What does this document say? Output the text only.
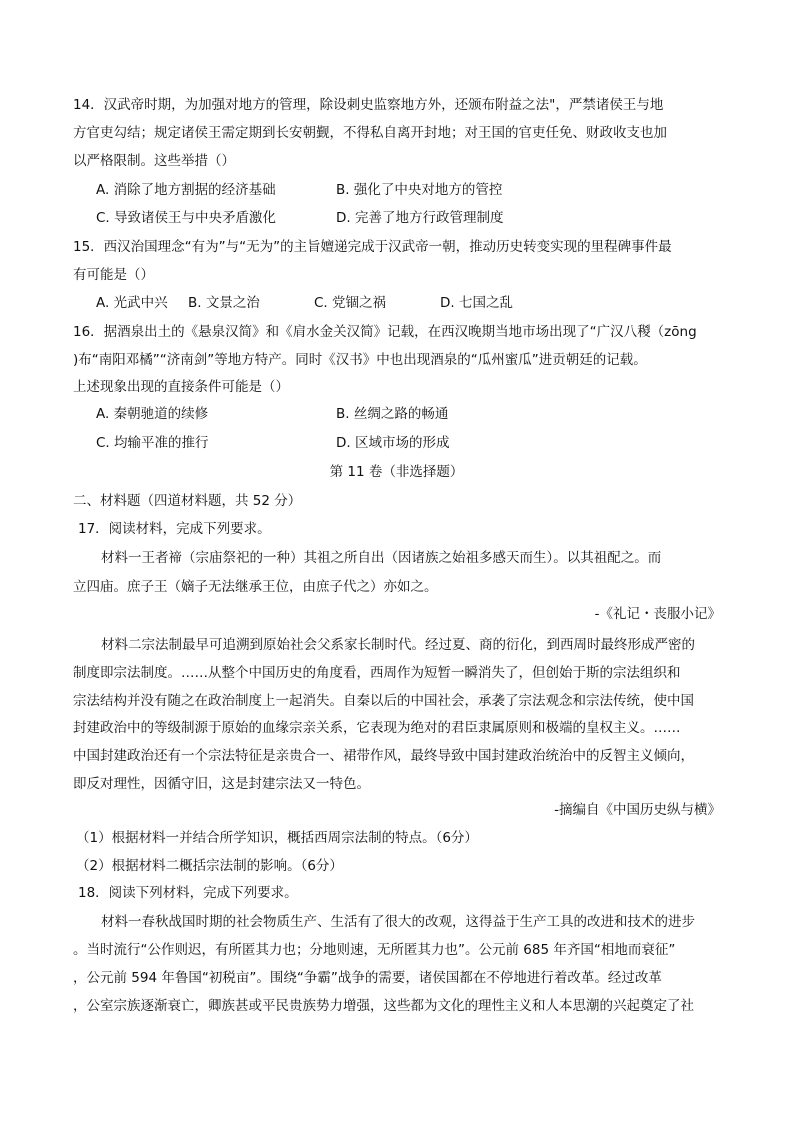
14．汉武帝时期，为加强对地方的管理，除设刺史监察地方外，还颁布附益之法"，严禁诸侯王与地
方官吏勾结；规定诸侯王需定期到长安朝觐，不得私自离开封地；对王国的官吏任免、财政收支也加
以严格限制。这些举措（）
A. 消除了地方割据的经济基础	B. 强化了中央对地方的管控
C. 导致诸侯王与中央矛盾激化	D. 完善了地方行政管理制度
15．西汉治国理念“有为”与“无为”的主旨嬗递完成于汉武帝一朝，推动历史转变实现的里程碑事件最
有可能是（）
A. 光武中兴 B. 文景之治	C. 党锢之祸	D. 七国之乱
16．据酒泉出土的《悬泉汉简》和《肩水金关汉简》记载，在西汉晚期当地市场出现了“广汉八稯（zōng
)布“南阳邓橘”“济南剑”等地方特产。同时《汉书》中也出现酒泉的“瓜州蜜瓜”进贡朝廷的记载。
上述现象出现的直接条件可能是（）
A. 秦朝驰道的续修	B. 丝绸之路的畅通
C. 均输平准的推行	D. 区域市场的形成
第 11 卷（非选择题）
二、材料题（四道材料题，共 52 分）
17．阅读材料，完成下列要求。
材料一王者禘（宗庙祭祀的一种）其祖之所自出（因诸族之始祖多感天而生）。以其祖配之。而
立四庙。庶子王（嫡子无法继承王位，由庶子代之）亦如之。
-《礼记・丧服小记》
材料二宗法制最早可追溯到原始社会父系家长制时代。经过夏、商的衍化，到西周时最终形成严密的
制度即宗法制度。……从整个中国历史的角度看，西周作为短暂一瞬消失了，但创始于斯的宗法组织和
宗法结构并没有随之在政治制度上一起消失。自秦以后的中国社会，承袭了宗法观念和宗法传统，使中国
封建政治中的等级制源于原始的血缘宗亲关系，它表现为绝对的君臣隶属原则和极端的皇权主义。……
中国封建政治还有一个宗法特征是亲贵合一、裙带作风，最终导致中国封建政治统治中的反智主义倾向，
即反对理性，因循守旧，这是封建宗法又一特色。
-摘编自《中国历史纵与横》
（1）根据材料一并结合所学知识，概括西周宗法制的特点。（6分）
（2）根据材料二概括宗法制的影响。（6分）
18．阅读下列材料，完成下列要求。
材料一春秋战国时期的社会物质生产、生活有了很大的改观，这得益于生产工具的改进和技术的进步
。当时流行“公作则迟，有所匿其力也；分地则速，无所匿其力也”。公元前 685 年齐国“相地而衰征”
，公元前 594 年鲁国“初税亩”。围绕“争霸”战争的需要，诸侯国都在不停地进行着改革。经过改革
，公室宗族逐渐衰亡，卿族甚或平民贵族势力增强，这些都为文化的理性主义和人本思潮的兴起奠定了社
